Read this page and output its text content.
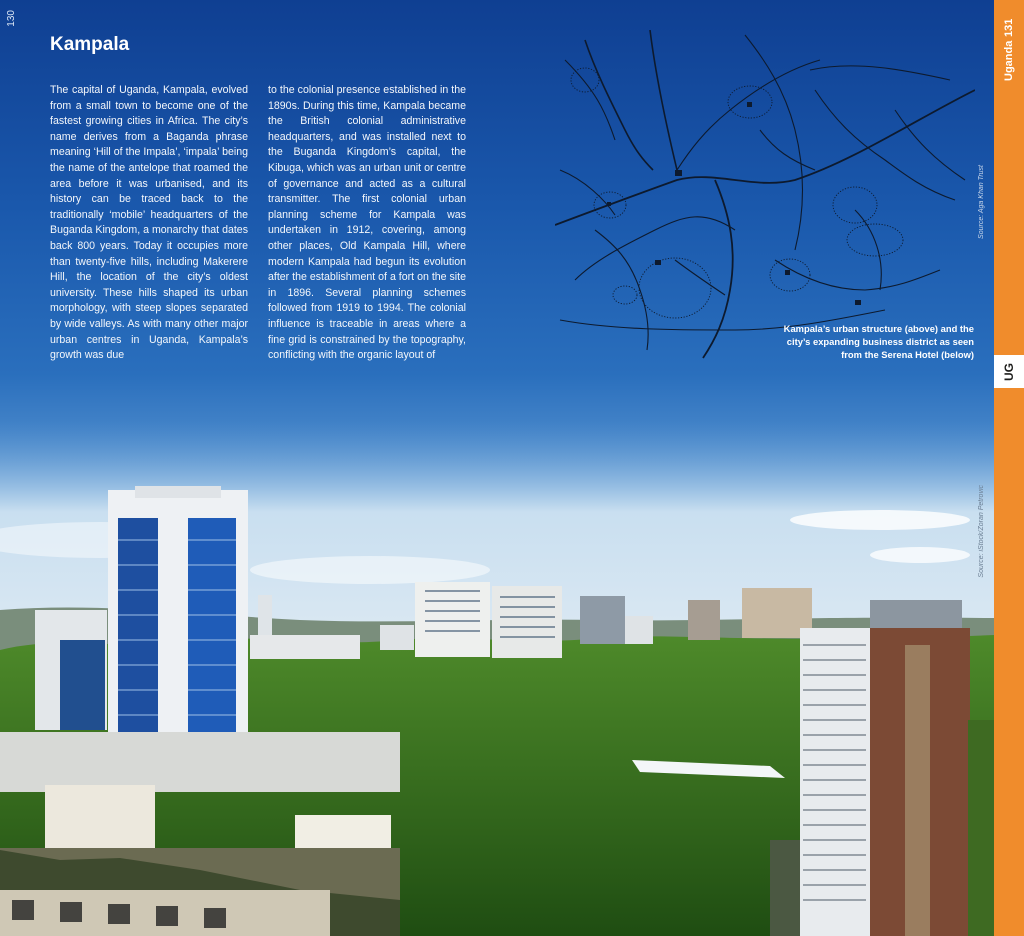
130
Kampala
The capital of Uganda, Kampala, evolved from a small town to become one of the fastest growing cities in Africa. The city’s name derives from a Baganda phrase meaning ‘Hill of the Impala’, ‘impala’ being the name of the antelope that roamed the area before it was urbanised, and its history can be traced back to the traditionally ‘mobile’ headquarters of the Buganda Kingdom, a monarchy that dates back 800 years. Today it occupies more than twenty-five hills, including Makerere Hill, the location of the city’s oldest university. These hills shaped its urban morphology, with steep slopes separated by wide valleys. As with many other major urban centres in Uganda, Kampala’s growth was due
to the colonial presence established in the 1890s. During this time, Kampala became the British colonial administrative headquarters, and was installed next to the Buganda Kingdom’s capital, the Kibuga, which was an urban unit or centre of governance and acted as a cultural transmitter. The first colonial urban planning scheme for Kampala was undertaken in 1912, covering, among other places, Old Kampala Hill, where modern Kampala had begun its evolution after the establishment of a fort on the site in 1896. Several planning schemes followed from 1919 to 1994. The colonial influence is traceable in areas where a fine grid is constrained by the topography, conflicting with the organic layout of
Kampala’s urban structure (above) and the city’s expanding business district as seen from the Serena Hotel (below)
Source: Aga Khan Trust
Source: iStock/Zoran Petrovic
Uganda

131
UG
